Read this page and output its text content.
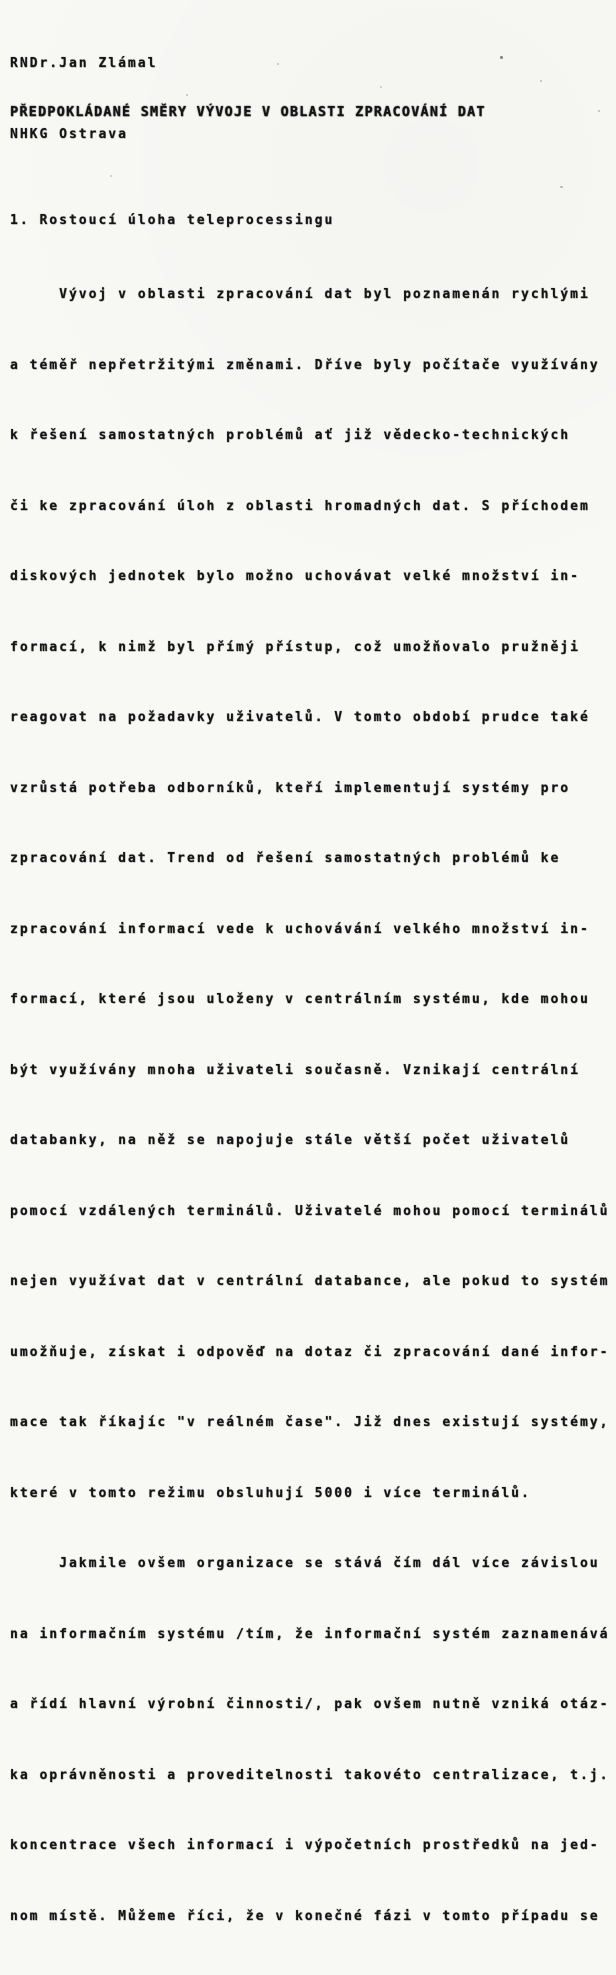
RNDr.Jan Zlámal

NHKG Ostrava

PŘEDPOKLÁDANÉ SMĚRY VÝVOJE V OBLASTI ZPRACOVÁNÍ DAT
1. Rostoucí úloha teleprocessingu

Vývoj v oblasti zpracování dat byl poznamenán rychlými

a téměř nepřetržitými změnami. Dříve byly počítače využívány

k řešení samostatných problémů ať již vědecko-technických

či ke zpracování úloh z oblasti hromadných dat. S příchodem

diskových jednotek bylo možno uchovávat velké množství in-

formací, k nimž byl přímý přístup, což umožňovalo pružněji

reagovat na požadavky uživatelů. V tomto období prudce také

vzrůstá potřeba odborníků, kteří implementují systémy pro

zpracování dat. Trend od řešení samostatných problémů ke

zpracování informací vede k uchovávání velkého množství in-

formací, které jsou uloženy v centrálním systému, kde mohou

být využívány mnoha uživateli současně. Vznikají centrální

databanky, na něž se napojuje stále větší počet uživatelů

pomocí vzdálených terminálů. Uživatelé mohou pomocí terminálů

nejen využívat dat v centrální databance, ale pokud to systém

umožňuje, získat i odpověď na dotaz či zpracování dané infor-

mace tak říkajíc "v reálném čase". Již dnes existují systémy,

které v tomto režimu obsluhují 5000 i více terminálů.

Jakmile ovšem organizace se stává čím dál více závislou

na informačním systému /tím, že informační systém zaznamenává

a řídí hlavní výrobní činnosti/, pak ovšem nutně vzniká otáz-

ka oprávněnosti a proveditelnosti takovéto centralizace, t.j.

koncentrace všech informací i výpočetních prostředků na jed-

nom místě. Můžeme říci, že v konečné fázi v tomto případu se
